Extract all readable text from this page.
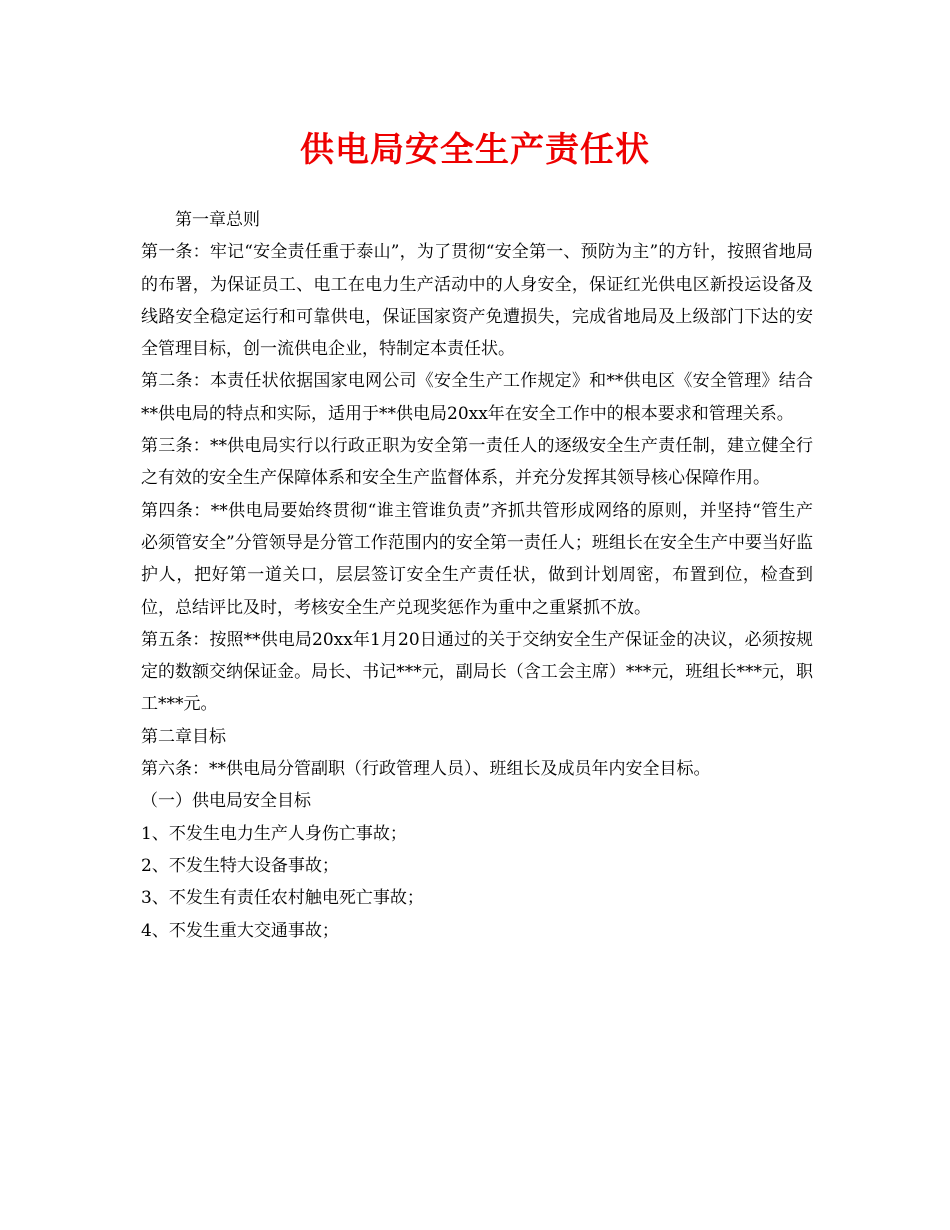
供电局安全生产责任状

第一章总则

第一条：牢记“安全责任重于泰山”，为了贯彻“安全第一、预防为主”的方针，按照省地局的布署，为保证员工、电工在电力生产活动中的人身安全，保证红光供电区新投运设备及线路安全稳定运行和可靠供电，保证国家资产免遭损失，完成省地局及上级部门下达的安全管理目标，创一流供电企业，特制定本责任状。

第二条：本责任状依据国家电网公司《安全生产工作规定》和**供电区《安全管理》结合**供电局的特点和实际，适用于**供电局20xx年在安全工作中的根本要求和管理关系。

第三条：**供电局实行以行政正职为安全第一责任人的逐级安全生产责任制，建立健全行之有效的安全生产保障体系和安全生产监督体系，并充分发挥其领导核心保障作用。

第四条：**供电局要始终贯彻“谁主管谁负责”齐抓共管形成网络的原则，并坚持“管生产必须管安全”分管领导是分管工作范围内的安全第一责任人；班组长在安全生产中要当好监护人，把好第一道关口，层层签订安全生产责任状，做到计划周密，布置到位，检查到位，总结评比及时，考核安全生产兑现奖惩作为重中之重紧抓不放。

第五条：按照**供电局20xx年1月20日通过的关于交纳安全生产保证金的决议，必须按规定的数额交纳保证金。局长、书记***元，副局长（含工会主席）***元，班组长***元，职工***元。

第二章目标

第六条：**供电局分管副职（行政管理人员）、班组长及成员年内安全目标。

（一）供电局安全目标

1、不发生电力生产人身伤亡事故；

2、不发生特大设备事故；

3、不发生有责任农村触电死亡事故；

4、不发生重大交通事故；
